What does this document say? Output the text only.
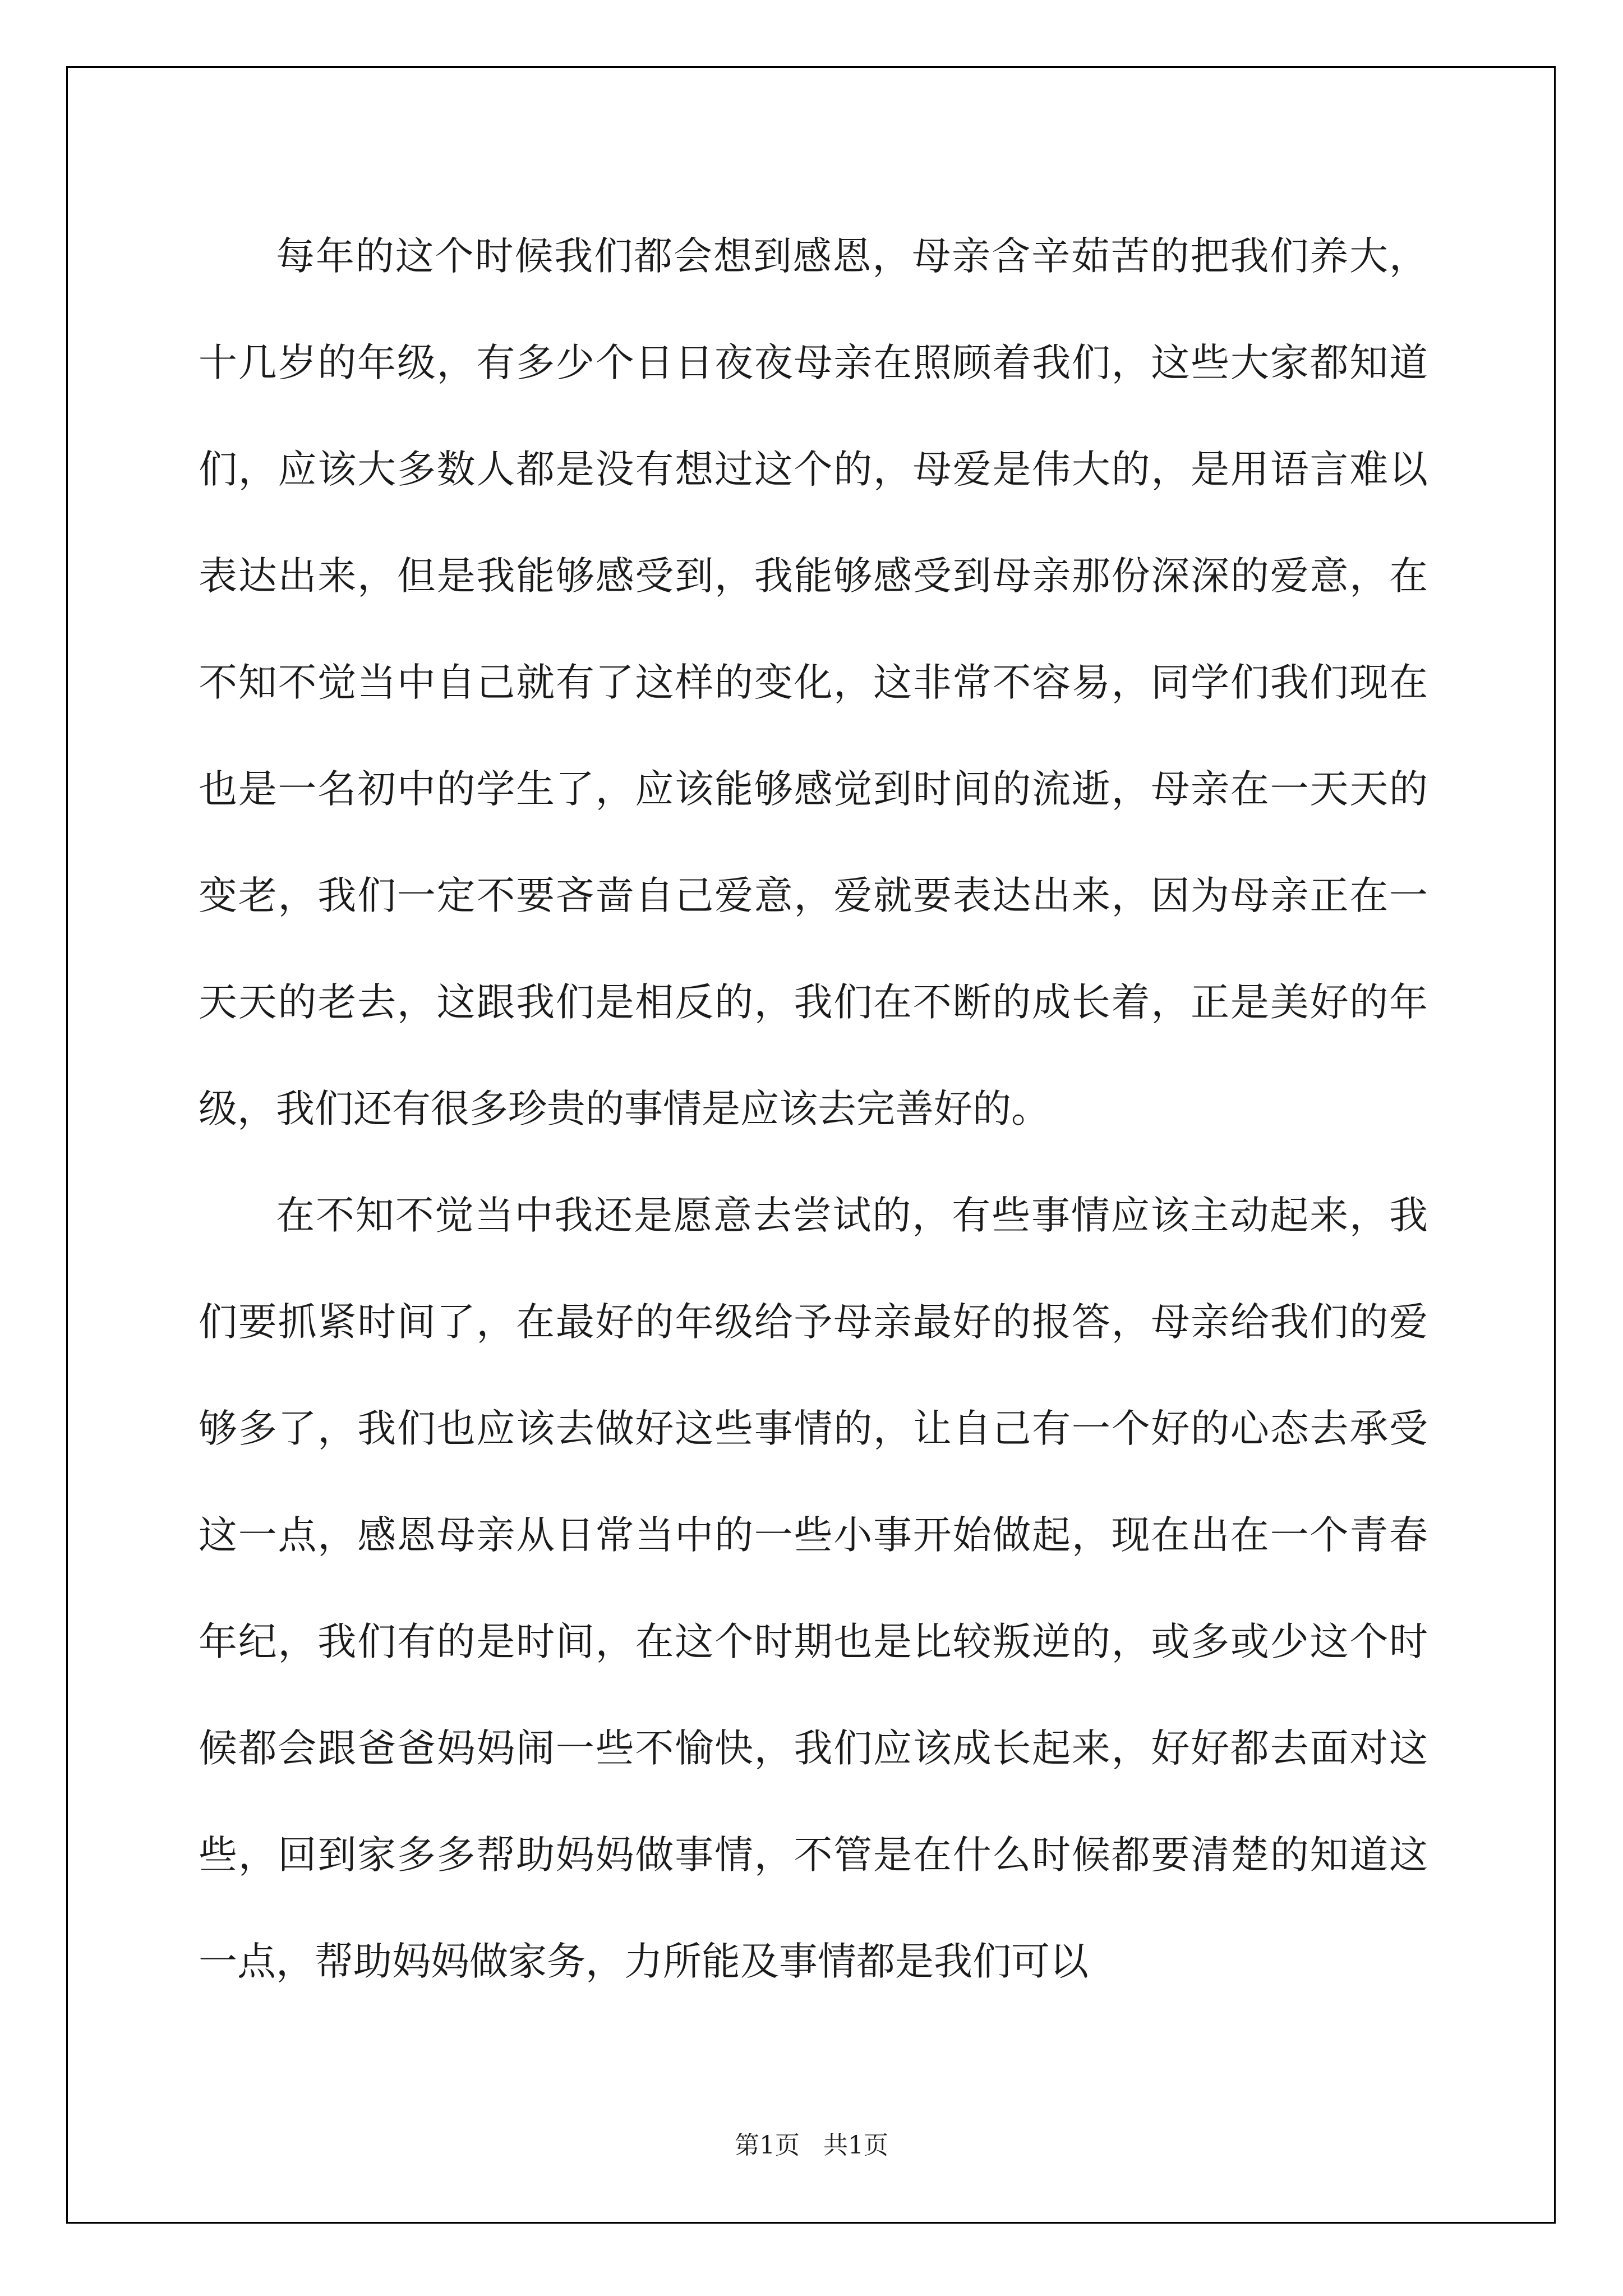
每年的这个时候我们都会想到感恩，母亲含辛茹苦的把我们养大，十几岁的年级，有多少个日日夜夜母亲在照顾着我们，这些大家都知道们，应该大多数人都是没有想过这个的，母爱是伟大的，是用语言难以表达出来，但是我能够感受到，我能够感受到母亲那份深深的爱意，在不知不觉当中自己就有了这样的变化，这非常不容易，同学们我们现在也是一名初中的学生了，应该能够感觉到时间的流逝，母亲在一天天的变老，我们一定不要吝啬自己爱意，爱就要表达出来，因为母亲正在一天天的老去，这跟我们是相反的，我们在不断的成长着，正是美好的年级，我们还有很多珍贵的事情是应该去完善好的。

在不知不觉当中我还是愿意去尝试的，有些事情应该主动起来，我们要抓紧时间了，在最好的年级给予母亲最好的报答，母亲给我们的爱够多了，我们也应该去做好这些事情的，让自己有一个好的心态去承受这一点，感恩母亲从日常当中的一些小事开始做起，现在出在一个青春年纪，我们有的是时间，在这个时期也是比较叛逆的，或多或少这个时候都会跟爸爸妈妈闹一些不愉快，我们应该成长起来，好好都去面对这些，回到家多多帮助妈妈做事情，不管是在什么时候都要清楚的知道这一点，帮助妈妈做家务，力所能及事情都是我们可以

第1页 共1页
